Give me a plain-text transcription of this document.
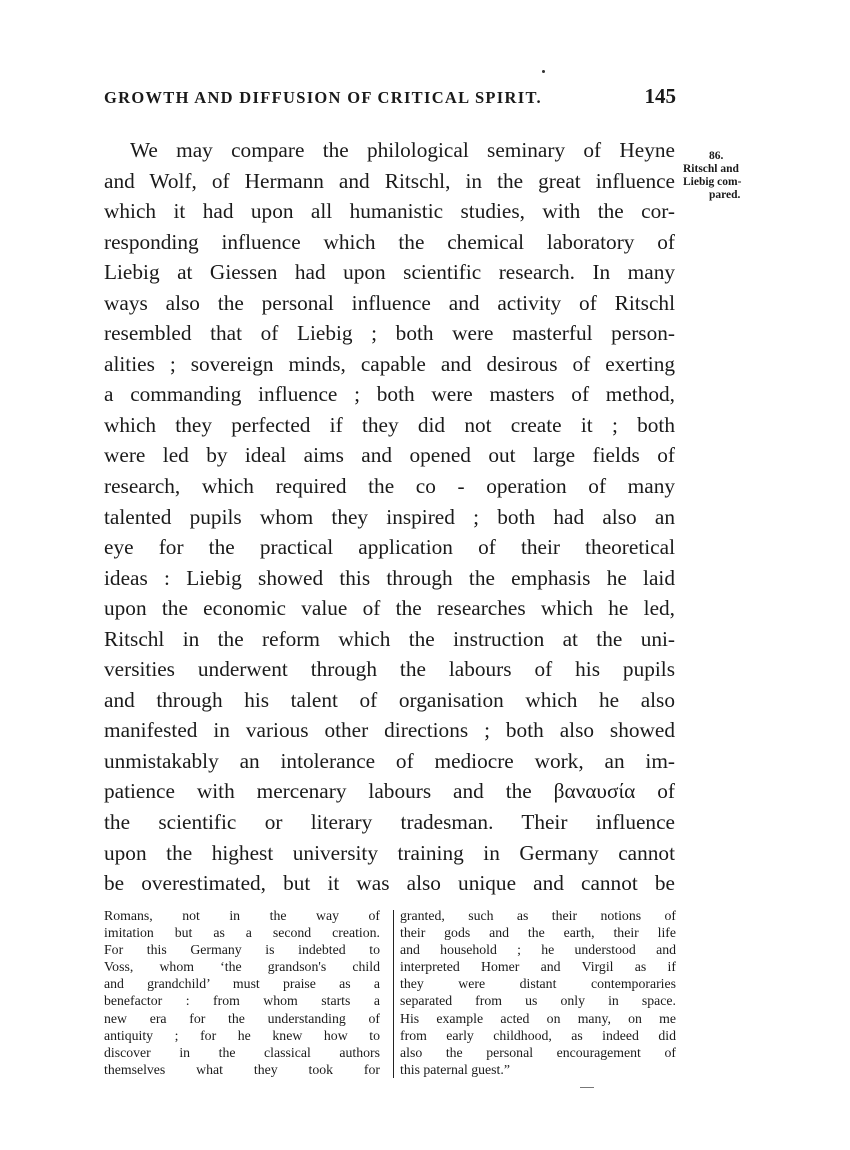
GROWTH AND DIFFUSION OF CRITICAL SPIRIT.	145
86.
Ritschl and
Liebig com-
pared.
We may compare the philological seminary of Heyne
and Wolf, of Hermann and Ritschl, in the great influence
which it had upon all humanistic studies, with the cor-
responding influence which the chemical laboratory of
Liebig at Giessen had upon scientific research. In many
ways also the personal influence and activity of Ritschl
resembled that of Liebig ; both were masterful person-
alities ; sovereign minds, capable and desirous of exerting
a commanding influence ; both were masters of method,
which they perfected if they did not create it ; both
were led by ideal aims and opened out large fields of
research, which required the co - operation of many
talented pupils whom they inspired ; both had also an
eye for the practical application of their theoretical
ideas : Liebig showed this through the emphasis he laid
upon the economic value of the researches which he led,
Ritschl in the reform which the instruction at the uni-
versities underwent through the labours of his pupils
and through his talent of organisation which he also
manifested in various other directions ; both also showed
unmistakably an intolerance of mediocre work, an im-
patience with mercenary labours and the βαναυσία of
the scientific or literary tradesman. Their influence
upon the highest university training in Germany cannot
be overestimated, but it was also unique and cannot be
Romans, not in the way of
imitation but as a second creation.
For this Germany is indebted to
Voss, whom ‘the grandson's child
and grandchild’ must praise as a
benefactor : from whom starts a
new era for the understanding of
antiquity ; for he knew how to
discover in the classical authors
themselves what they took for
granted, such as their notions of
their gods and the earth, their life
and household ; he understood and
interpreted Homer and Virgil as if
they were distant contemporaries
separated from us only in space.
His example acted on many, on me
from early childhood, as indeed did
also the personal encouragement of
this paternal guest.”
